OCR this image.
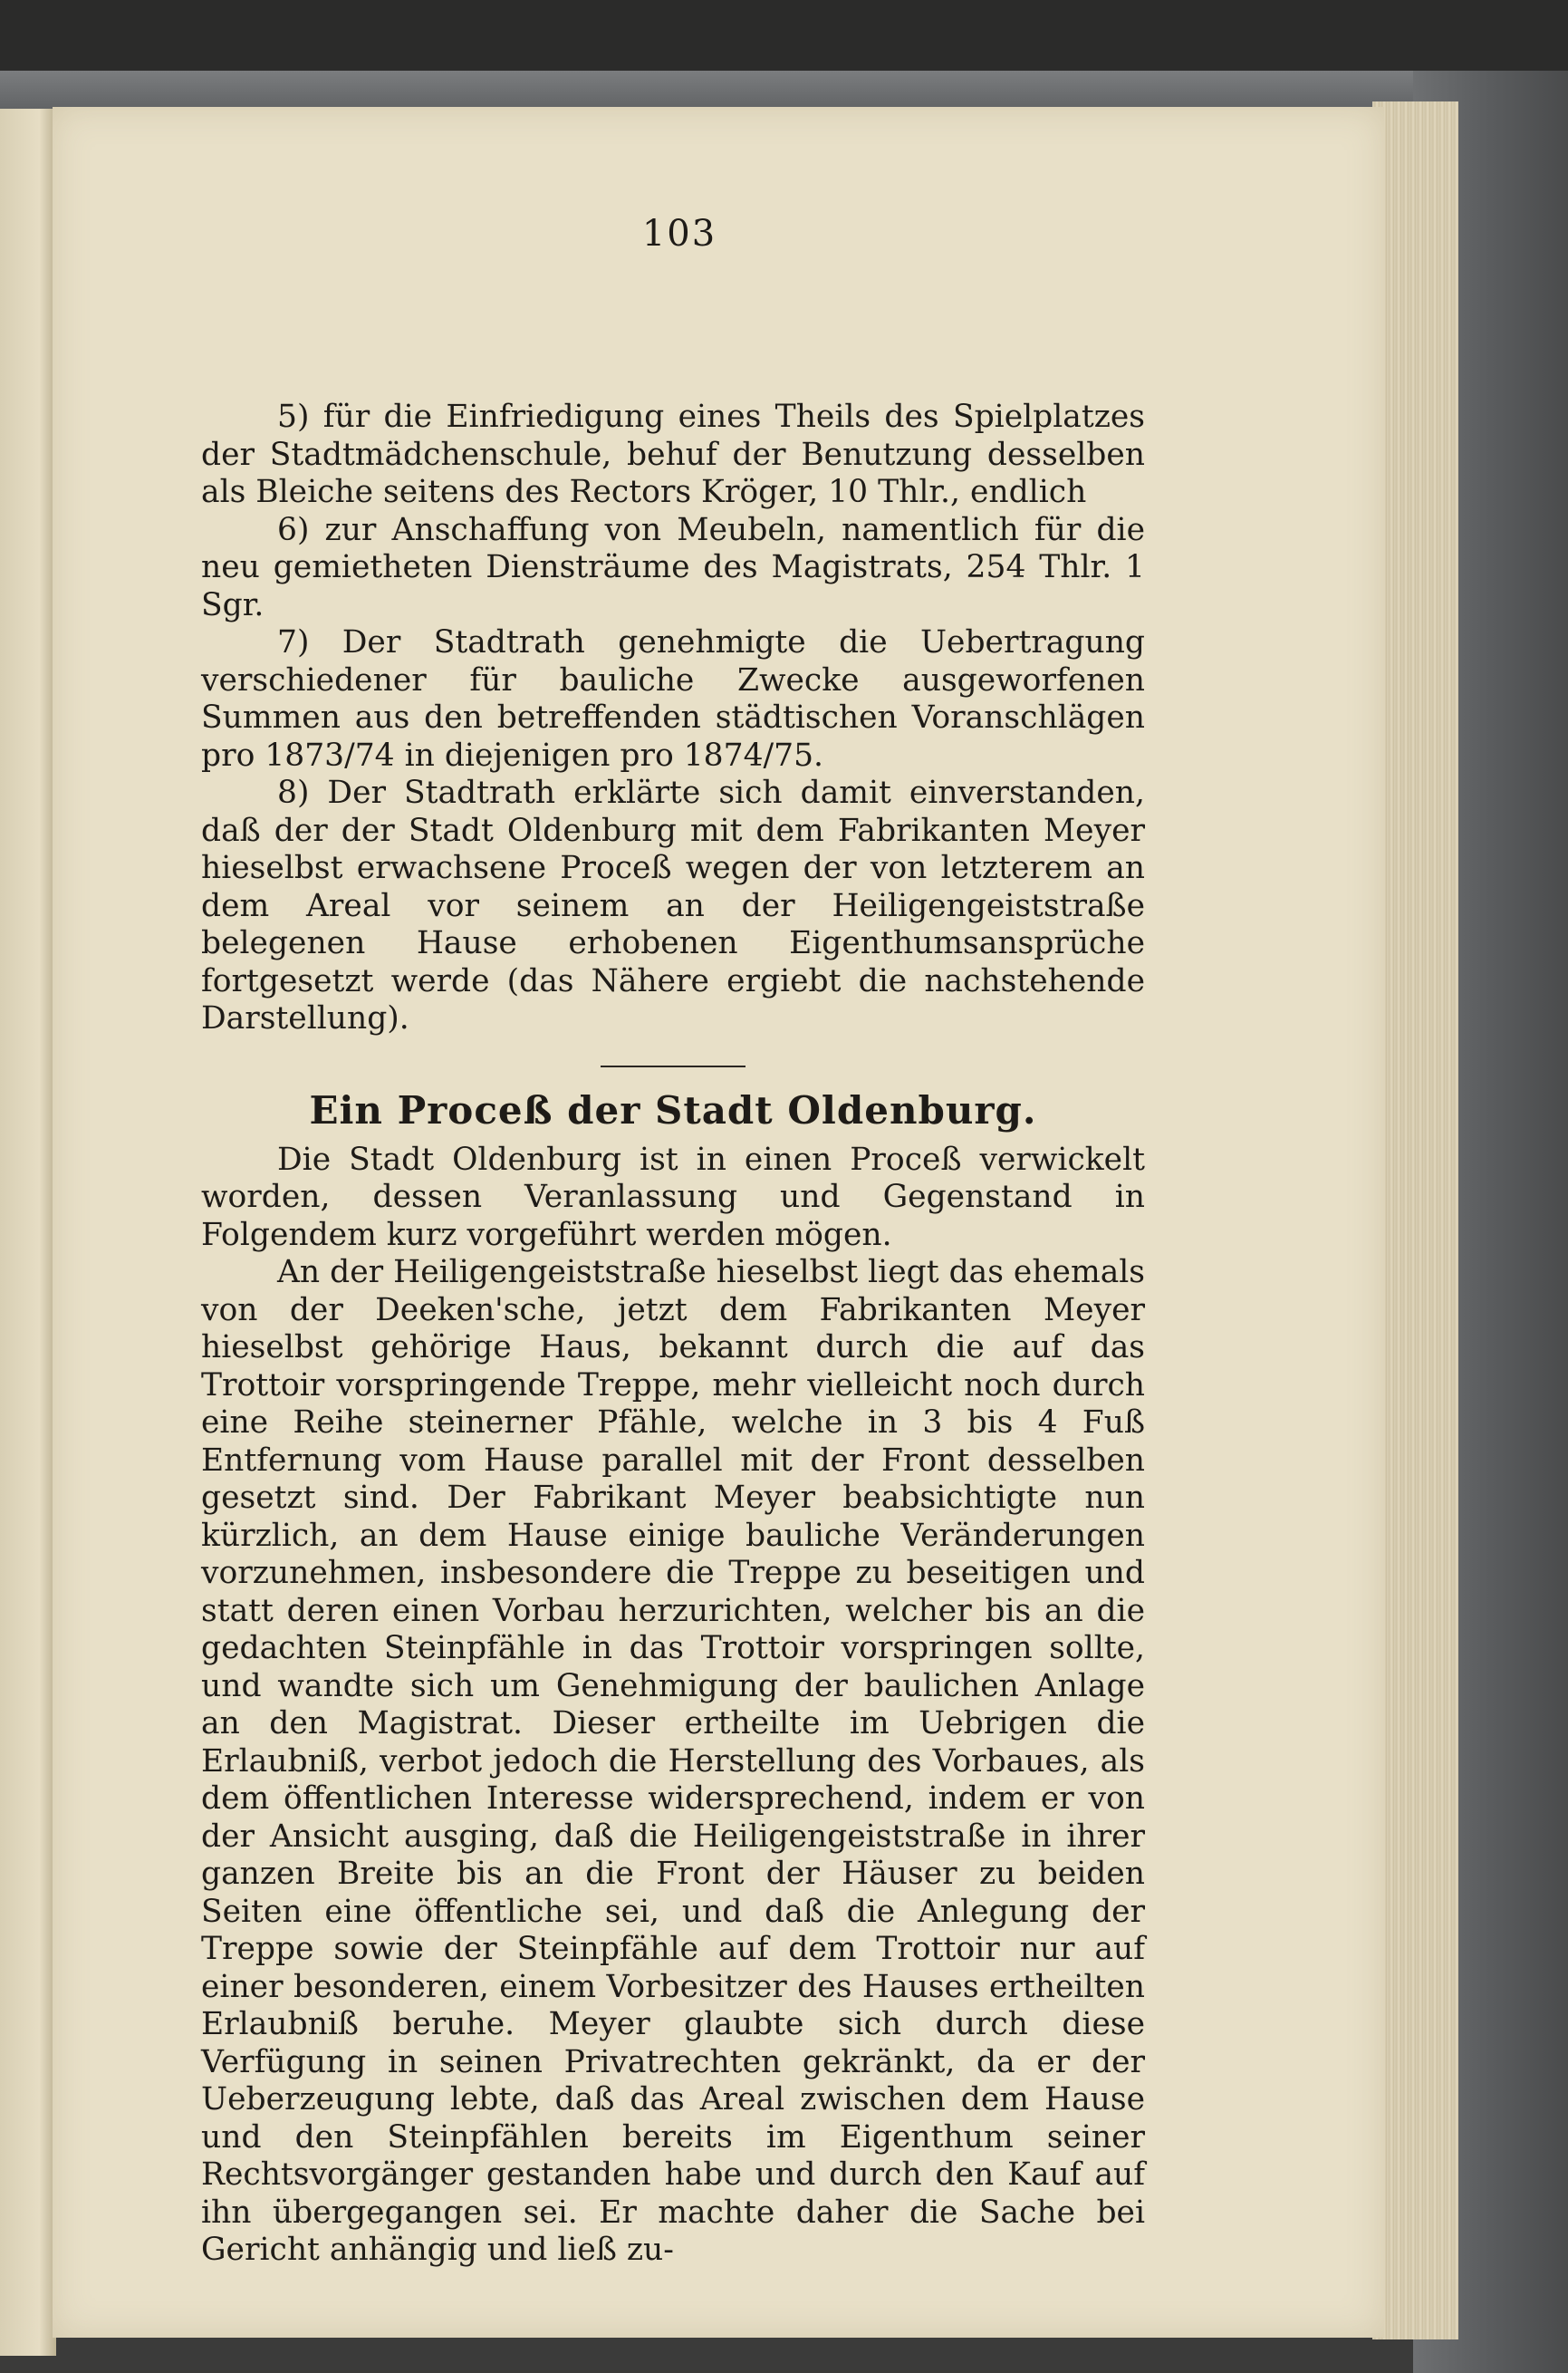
103

5) für die Einfriedigung eines Theils des Spielplatzes der Stadtmädchenschule, behuf der Benutzung desselben als Bleiche seitens des Rectors Kröger, 10 Thlr., endlich

6) zur Anschaffung von Meubeln, namentlich für die neu gemietheten Diensträume des Magistrats, 254 Thlr. 1 Sgr.

7) Der Stadtrath genehmigte die Uebertragung verschiedener für bauliche Zwecke ausgeworfenen Summen aus den betreffenden städtischen Voranschlägen pro 1873/74 in diejenigen pro 1874/75.

8) Der Stadtrath erklärte sich damit einverstanden, daß der der Stadt Oldenburg mit dem Fabrikanten Meyer hieselbst erwachsene Proceß wegen der von letzterem an dem Areal vor seinem an der Heiligengeiststraße belegenen Hause erhobenen Eigenthumsansprüche fortgesetzt werde (das Nähere ergiebt die nachstehende Darstellung).

Ein Proceß der Stadt Oldenburg.

Die Stadt Oldenburg ist in einen Proceß verwickelt worden, dessen Veranlassung und Gegenstand in Folgendem kurz vorgeführt werden mögen.

An der Heiligengeiststraße hieselbst liegt das ehemals von der Deeken'sche, jetzt dem Fabrikanten Meyer hieselbst gehörige Haus, bekannt durch die auf das Trottoir vorspringende Treppe, mehr vielleicht noch durch eine Reihe steinerner Pfähle, welche in 3 bis 4 Fuß Entfernung vom Hause parallel mit der Front desselben gesetzt sind. Der Fabrikant Meyer beabsichtigte nun kürzlich, an dem Hause einige bauliche Veränderungen vorzunehmen, insbesondere die Treppe zu beseitigen und statt deren einen Vorbau herzurichten, welcher bis an die gedachten Steinpfähle in das Trottoir vorspringen sollte, und wandte sich um Genehmigung der baulichen Anlage an den Magistrat. Dieser ertheilte im Uebrigen die Erlaubniß, verbot jedoch die Herstellung des Vorbaues, als dem öffentlichen Interesse widersprechend, indem er von der Ansicht ausging, daß die Heiligengeiststraße in ihrer ganzen Breite bis an die Front der Häuser zu beiden Seiten eine öffentliche sei, und daß die Anlegung der Treppe sowie der Steinpfähle auf dem Trottoir nur auf einer besonderen, einem Vorbesitzer des Hauses ertheilten Erlaubniß beruhe. Meyer glaubte sich durch diese Verfügung in seinen Privatrechten gekränkt, da er der Ueberzeugung lebte, daß das Areal zwischen dem Hause und den Steinpfählen bereits im Eigenthum seiner Rechtsvorgänger gestanden habe und durch den Kauf auf ihn übergegangen sei. Er machte daher die Sache bei Gericht anhängig und ließ zu-
